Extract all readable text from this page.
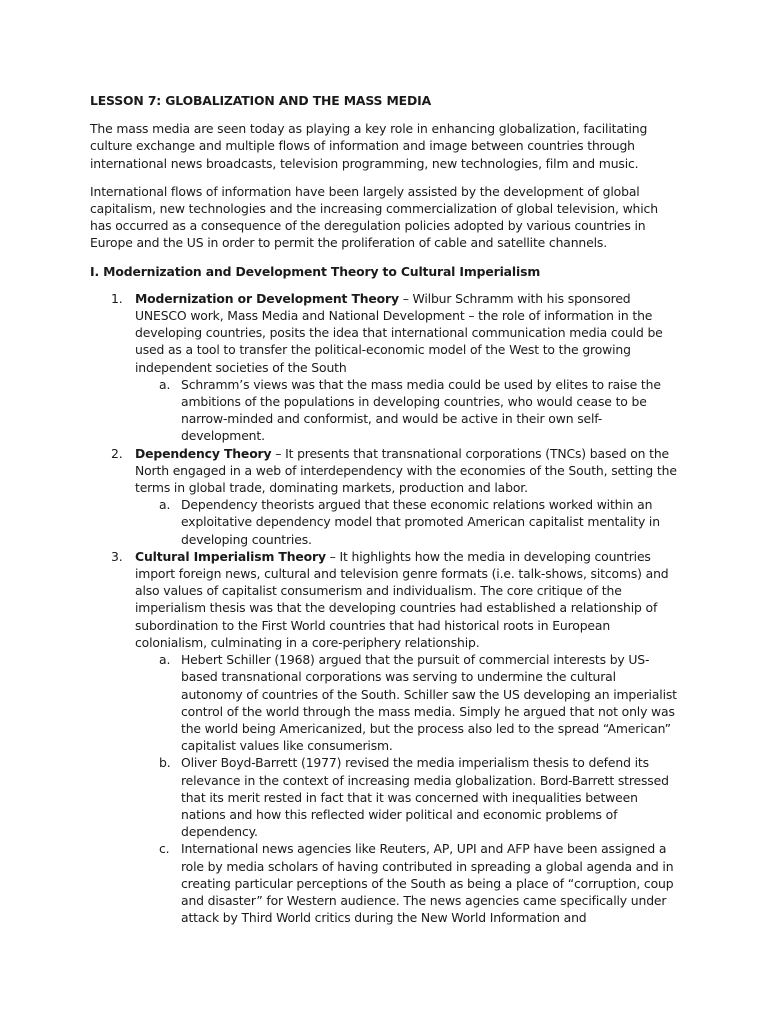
LESSON 7: GLOBALIZATION AND THE MASS MEDIA

The mass media are seen today as playing a key role in enhancing globalization, facilitating culture exchange and multiple flows of information and image between countries through international news broadcasts, television programming, new technologies, film and music.

International flows of information have been largely assisted by the development of global capitalism, new technologies and the increasing commercialization of global television, which has occurred as a consequence of the deregulation policies adopted by various countries in Europe and the US in order to permit the proliferation of cable and satellite channels.

I. Modernization and Development Theory to Cultural Imperialism
1. Modernization or Development Theory – Wilbur Schramm with his sponsored UNESCO work, Mass Media and National Development – the role of information in the developing countries, posits the idea that international communication media could be used as a tool to transfer the political-economic model of the West to the growing independent societies of the South
a. Schramm’s views was that the mass media could be used by elites to raise the ambitions of the populations in developing countries, who would cease to be narrow-minded and conformist, and would be active in their own self-development.
2. Dependency Theory – It presents that transnational corporations (TNCs) based on the North engaged in a web of interdependency with the economies of the South, setting the terms in global trade, dominating markets, production and labor.
a. Dependency theorists argued that these economic relations worked within an exploitative dependency model that promoted American capitalist mentality in developing countries.
3. Cultural Imperialism Theory – It highlights how the media in developing countries import foreign news, cultural and television genre formats (i.e. talk-shows, sitcoms) and also values of capitalist consumerism and individualism. The core critique of the imperialism thesis was that the developing countries had established a relationship of subordination to the First World countries that had historical roots in European colonialism, culminating in a core-periphery relationship.
a. Hebert Schiller (1968) argued that the pursuit of commercial interests by US-based transnational corporations was serving to undermine the cultural autonomy of countries of the South. Schiller saw the US developing an imperialist control of the world through the mass media. Simply he argued that not only was the world being Americanized, but the process also led to the spread “American” capitalist values like consumerism.
b. Oliver Boyd-Barrett (1977) revised the media imperialism thesis to defend its relevance in the context of increasing media globalization. Bord-Barrett stressed that its merit rested in fact that it was concerned with inequalities between nations and how this reflected wider political and economic problems of dependency.
c. International news agencies like Reuters, AP, UPI and AFP have been assigned a role by media scholars of having contributed in spreading a global agenda and in creating particular perceptions of the South as being a place of “corruption, coup and disaster” for Western audience. The news agencies came specifically under attack by Third World critics during the New World Information and
